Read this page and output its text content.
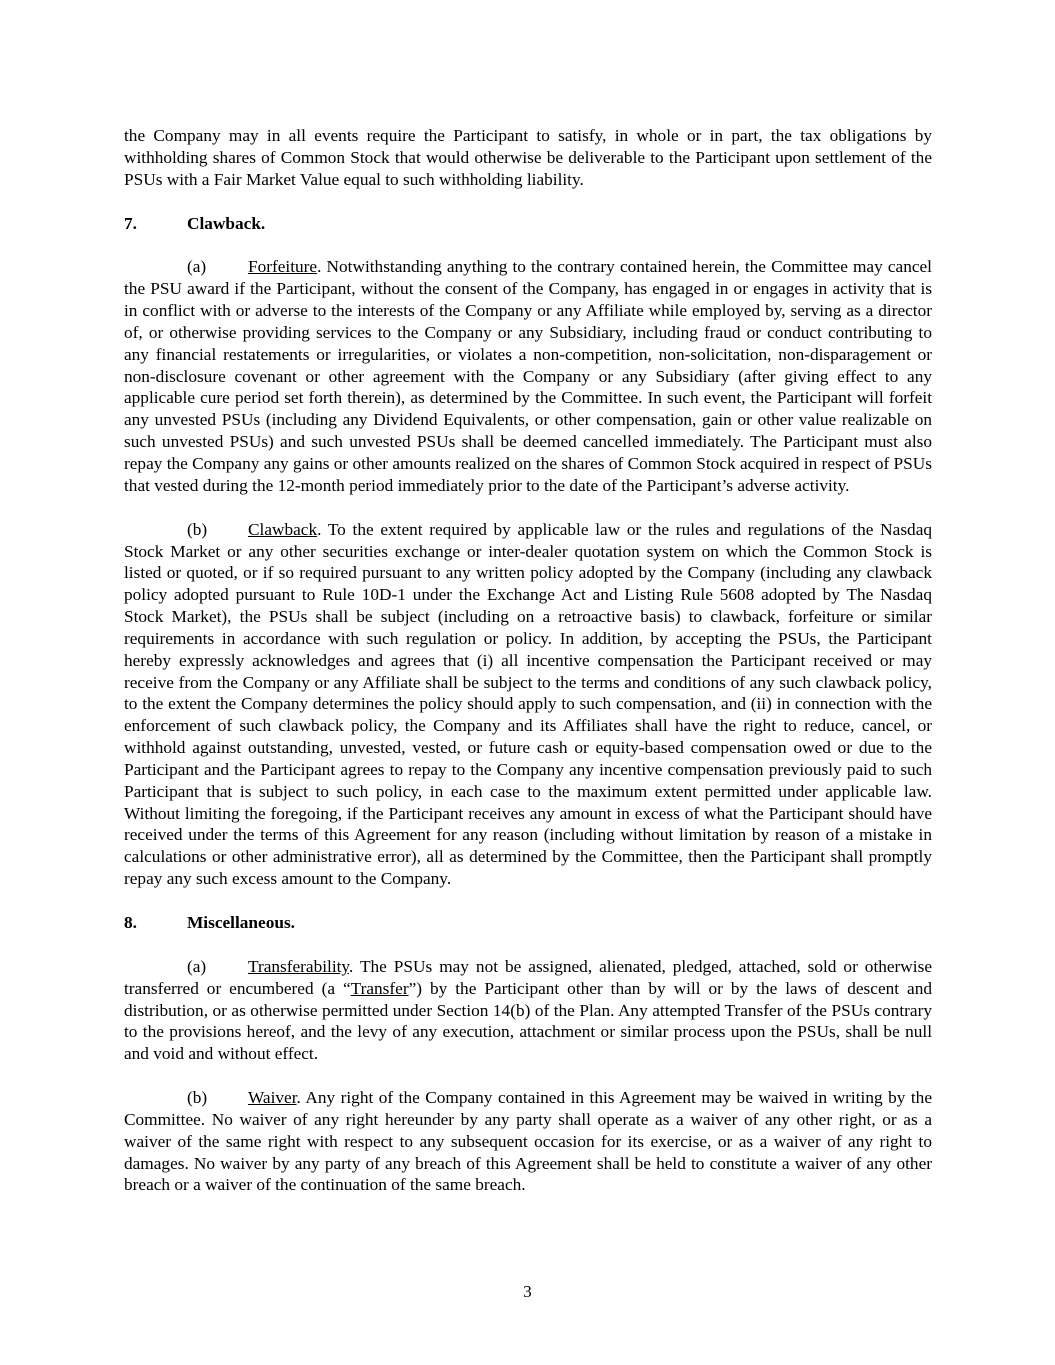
the Company may in all events require the Participant to satisfy, in whole or in part, the tax obligations by withholding shares of Common Stock that would otherwise be deliverable to the Participant upon settlement of the PSUs with a Fair Market Value equal to such withholding liability.

7.	Clawback.

(a) Forfeiture. Notwithstanding anything to the contrary contained herein, the Committee may cancel the PSU award if the Participant, without the consent of the Company, has engaged in or engages in activity that is in conflict with or adverse to the interests of the Company or any Affiliate while employed by, serving as a director of, or otherwise providing services to the Company or any Subsidiary, including fraud or conduct contributing to any financial restatements or irregularities, or violates a non-competition, non-solicitation, non-disparagement or non-disclosure covenant or other agreement with the Company or any Subsidiary (after giving effect to any applicable cure period set forth therein), as determined by the Committee. In such event, the Participant will forfeit any unvested PSUs (including any Dividend Equivalents, or other compensation, gain or other value realizable on such unvested PSUs) and such unvested PSUs shall be deemed cancelled immediately. The Participant must also repay the Company any gains or other amounts realized on the shares of Common Stock acquired in respect of PSUs that vested during the 12-month period immediately prior to the date of the Participant’s adverse activity.

(b) Clawback. To the extent required by applicable law or the rules and regulations of the Nasdaq Stock Market or any other securities exchange or inter-dealer quotation system on which the Common Stock is listed or quoted, or if so required pursuant to any written policy adopted by the Company (including any clawback policy adopted pursuant to Rule 10D-1 under the Exchange Act and Listing Rule 5608 adopted by The Nasdaq Stock Market), the PSUs shall be subject (including on a retroactive basis) to clawback, forfeiture or similar requirements in accordance with such regulation or policy. In addition, by accepting the PSUs, the Participant hereby expressly acknowledges and agrees that (i) all incentive compensation the Participant received or may receive from the Company or any Affiliate shall be subject to the terms and conditions of any such clawback policy, to the extent the Company determines the policy should apply to such compensation, and (ii) in connection with the enforcement of such clawback policy, the Company and its Affiliates shall have the right to reduce, cancel, or withhold against outstanding, unvested, vested, or future cash or equity-based compensation owed or due to the Participant and the Participant agrees to repay to the Company any incentive compensation previously paid to such Participant that is subject to such policy, in each case to the maximum extent permitted under applicable law. Without limiting the foregoing, if the Participant receives any amount in excess of what the Participant should have received under the terms of this Agreement for any reason (including without limitation by reason of a mistake in calculations or other administrative error), all as determined by the Committee, then the Participant shall promptly repay any such excess amount to the Company.

8.	Miscellaneous.

(a) Transferability. The PSUs may not be assigned, alienated, pledged, attached, sold or otherwise transferred or encumbered (a “Transfer”) by the Participant other than by will or by the laws of descent and distribution, or as otherwise permitted under Section 14(b) of the Plan. Any attempted Transfer of the PSUs contrary to the provisions hereof, and the levy of any execution, attachment or similar process upon the PSUs, shall be null and void and without effect.

(b) Waiver. Any right of the Company contained in this Agreement may be waived in writing by the Committee. No waiver of any right hereunder by any party shall operate as a waiver of any other right, or as a waiver of the same right with respect to any subsequent occasion for its exercise, or as a waiver of any right to damages. No waiver by any party of any breach of this Agreement shall be held to constitute a waiver of any other breach or a waiver of the continuation of the same breach.

3
